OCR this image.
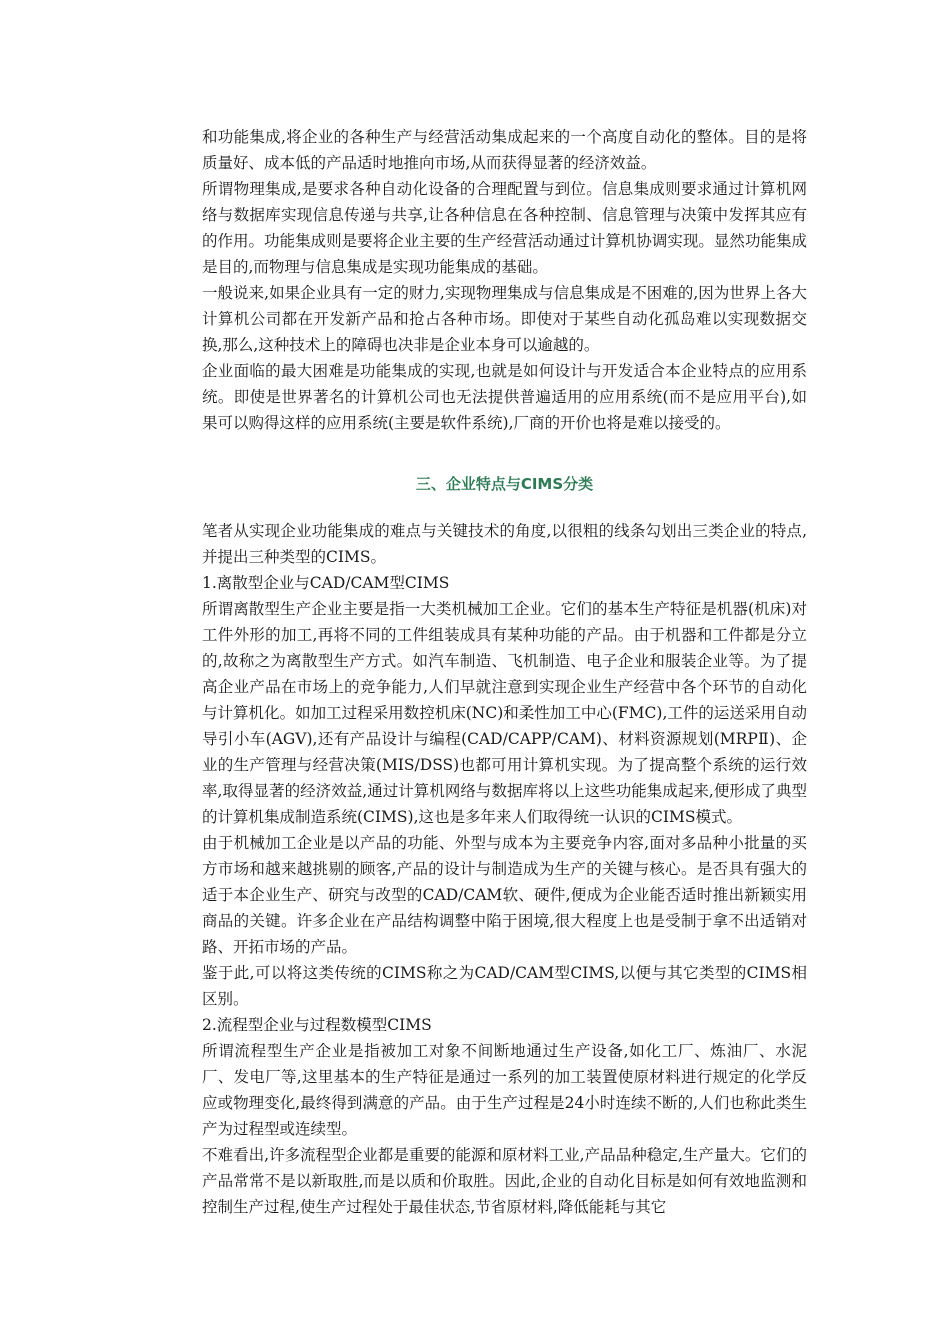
和功能集成,将企业的各种生产与经营活动集成起来的一个高度自动化的整体。目的是将质量好、成本低的产品适时地推向市场,从而获得显著的经济效益。

所谓物理集成,是要求各种自动化设备的合理配置与到位。信息集成则要求通过计算机网络与数据库实现信息传递与共享,让各种信息在各种控制、信息管理与决策中发挥其应有的作用。功能集成则是要将企业主要的生产经营活动通过计算机协调实现。显然功能集成是目的,而物理与信息集成是实现功能集成的基础。

一般说来,如果企业具有一定的财力,实现物理集成与信息集成是不困难的,因为世界上各大计算机公司都在开发新产品和抢占各种市场。即使对于某些自动化孤岛难以实现数据交换,那么,这种技术上的障碍也决非是企业本身可以逾越的。

企业面临的最大困难是功能集成的实现,也就是如何设计与开发适合本企业特点的应用系统。即使是世界著名的计算机公司也无法提供普遍适用的应用系统(而不是应用平台),如果可以购得这样的应用系统(主要是软件系统),厂商的开价也将是难以接受的。

三、企业特点与CIMS分类

笔者从实现企业功能集成的难点与关键技术的角度,以很粗的线条勾划出三类企业的特点,并提出三种类型的CIMS。

1.离散型企业与CAD/CAM型CIMS

所谓离散型生产企业主要是指一大类机械加工企业。它们的基本生产特征是机器(机床)对工件外形的加工,再将不同的工件组装成具有某种功能的产品。由于机器和工件都是分立的,故称之为离散型生产方式。如汽车制造、飞机制造、电子企业和服装企业等。为了提高企业产品在市场上的竞争能力,人们早就注意到实现企业生产经营中各个环节的自动化与计算机化。如加工过程采用数控机床(NC)和柔性加工中心(FMC),工件的运送采用自动导引小车(AGV),还有产品设计与编程(CAD/CAPP/CAM)、材料资源规划(MRPⅡ)、企业的生产管理与经营决策(MIS/DSS)也都可用计算机实现。为了提高整个系统的运行效率,取得显著的经济效益,通过计算机网络与数据库将以上这些功能集成起来,便形成了典型的计算机集成制造系统(CIMS),这也是多年来人们取得统一认识的CIMS模式。

由于机械加工企业是以产品的功能、外型与成本为主要竞争内容,面对多品种小批量的买方市场和越来越挑剔的顾客,产品的设计与制造成为生产的关键与核心。是否具有强大的适于本企业生产、研究与改型的CAD/CAM软、硬件,便成为企业能否适时推出新颖实用商品的关键。许多企业在产品结构调整中陷于困境,很大程度上也是受制于拿不出适销对路、开拓市场的产品。

鉴于此,可以将这类传统的CIMS称之为CAD/CAM型CIMS,以便与其它类型的CIMS相区别。

2.流程型企业与过程数模型CIMS

所谓流程型生产企业是指被加工对象不间断地通过生产设备,如化工厂、炼油厂、水泥厂、发电厂等,这里基本的生产特征是通过一系列的加工装置使原材料进行规定的化学反应或物理变化,最终得到满意的产品。由于生产过程是24小时连续不断的,人们也称此类生产为过程型或连续型。

不难看出,许多流程型企业都是重要的能源和原材料工业,产品品种稳定,生产量大。它们的产品常常不是以新取胜,而是以质和价取胜。因此,企业的自动化目标是如何有效地监测和控制生产过程,使生产过程处于最佳状态,节省原材料,降低能耗与其它
